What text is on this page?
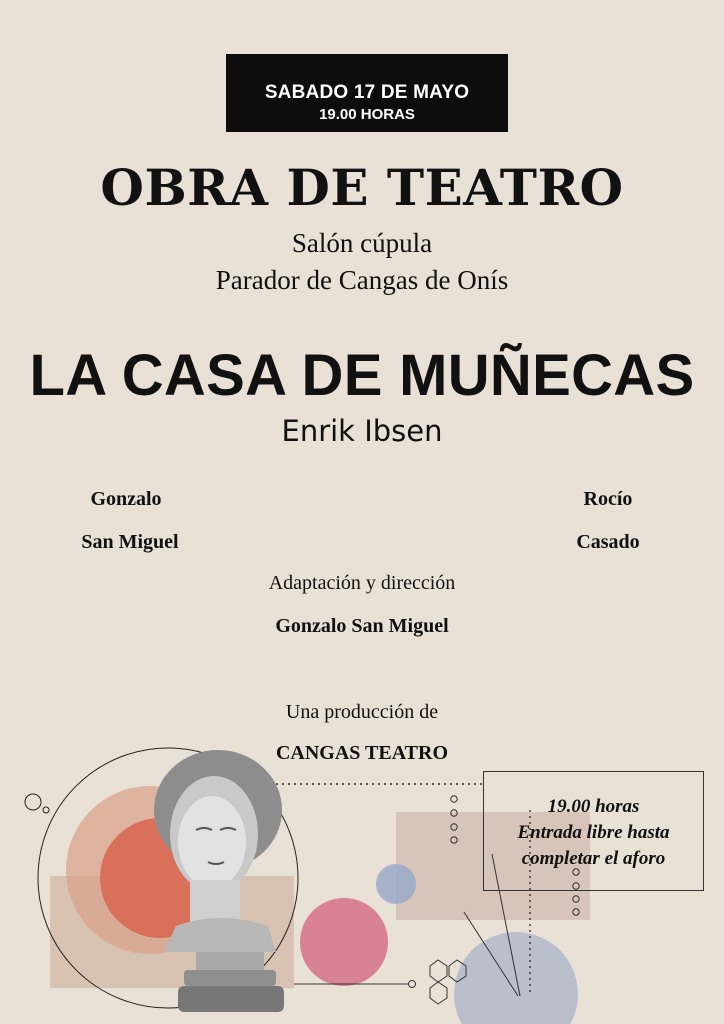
SABADO 17 DE MAYO
19.00 HORAS
OBRA DE TEATRO
Salón cúpula
Parador de Cangas de Onís
LA CASA DE MUÑECAS
Enrik Ibsen
Gonzalo
San Miguel
Rocío
Casado
Adaptación y dirección
Gonzalo San Miguel
Una producción de
CANGAS TEATRO
19.00 horas
Entrada libre hasta
completar el aforo
